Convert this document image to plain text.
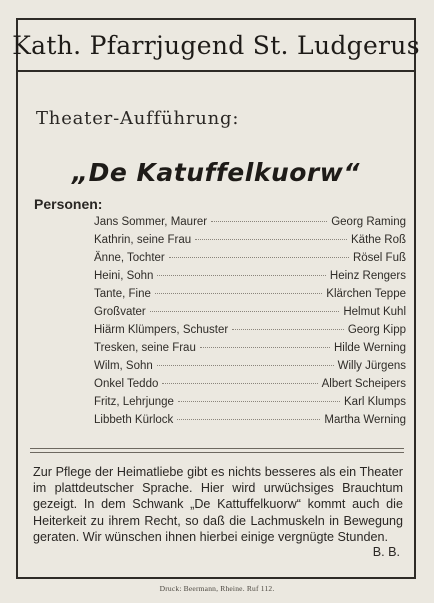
Kath. Pfarrjugend St. Ludgerus
Theater-Aufführung:
„De Katuffelkuorw“
Personen:
Jans Sommer, Maurer	Georg Raming
Kathrin, seine Frau	Käthe Roß
Änne, Tochter	Rösel Fuß
Heini, Sohn	Heinz Rengers
Tante, Fine	Klärchen Teppe
Großvater	Helmut Kuhl
Hiärm Klümpers, Schuster	Georg Kipp
Tresken, seine Frau	Hilde Werning
Wilm, Sohn	Willy Jürgens
Onkel Teddo	Albert Scheipers
Fritz, Lehrjunge	Karl Klumps
Libbeth Kürlock	Martha Werning

Zur Pflege der Heimatliebe gibt es nichts besseres als ein Theater im plattdeutscher Sprache. Hier wird urwüchsiges Brauchtum gezeigt. In dem Schwank „De Kattuffelkuorw“ kommt auch die Heiterkeit zu ihrem Recht, so daß die Lachmuskeln in Bewegung geraten. Wir wünschen ihnen hierbei einige vergnügte Stunden.

B. B.
Druck: Beermann, Rheine. Ruf 112.
